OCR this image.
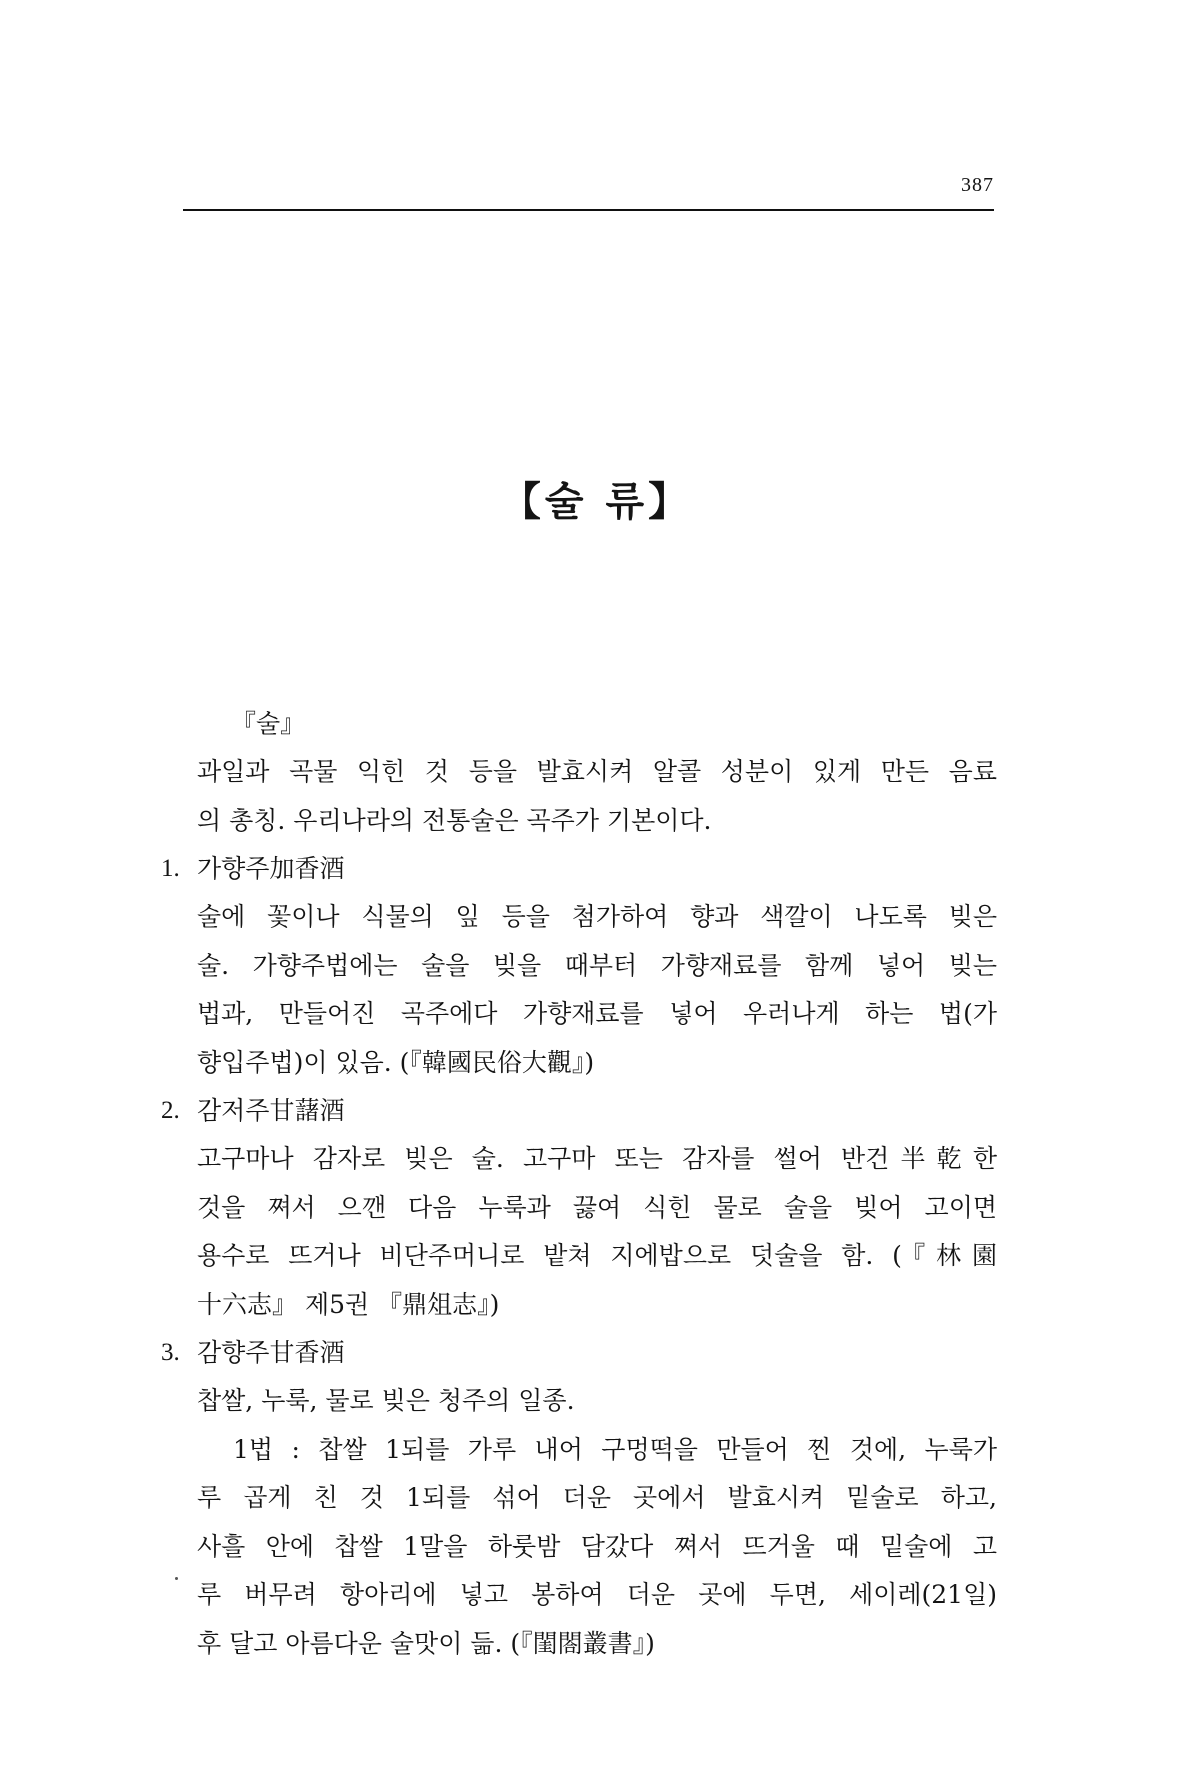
387
【술 류】
『술』
과일과 곡물 익힌 것 등을 발효시켜 알콜 성분이 있게 만든 음료
의 총칭. 우리나라의 전통술은 곡주가 기본이다.
1. 가향주加香酒
술에 꽃이나 식물의 잎 등을 첨가하여 향과 색깔이 나도록 빚은
술. 가향주법에는 술을 빚을 때부터 가향재료를 함께 넣어 빚는
법과, 만들어진 곡주에다 가향재료를 넣어 우러나게 하는 법(가
향입주법)이 있음. (『韓國民俗大觀』)
2. 감저주甘藷酒
고구마나 감자로 빚은 술. 고구마 또는 감자를 썰어 반건半乾한
것을 쪄서 으깬 다음 누룩과 끓여 식힌 물로 술을 빚어 고이면
용수로 뜨거나 비단주머니로 밭쳐 지에밥으로 덧술을 함. (『林園
十六志』 제5권 『鼎俎志』)
3. 감향주甘香酒
찹쌀, 누룩, 물로 빚은 청주의 일종.
1법 : 찹쌀 1되를 가루 내어 구멍떡을 만들어 찐 것에, 누룩가
루 곱게 친 것 1되를 섞어 더운 곳에서 발효시켜 밑술로 하고,
사흘 안에 찹쌀 1말을 하룻밤 담갔다 쪄서 뜨거울 때 밑술에 고
루 버무려 항아리에 넣고 봉하여 더운 곳에 두면, 세이레(21일)
후 달고 아름다운 술맛이 듦. (『閨閤叢書』)
